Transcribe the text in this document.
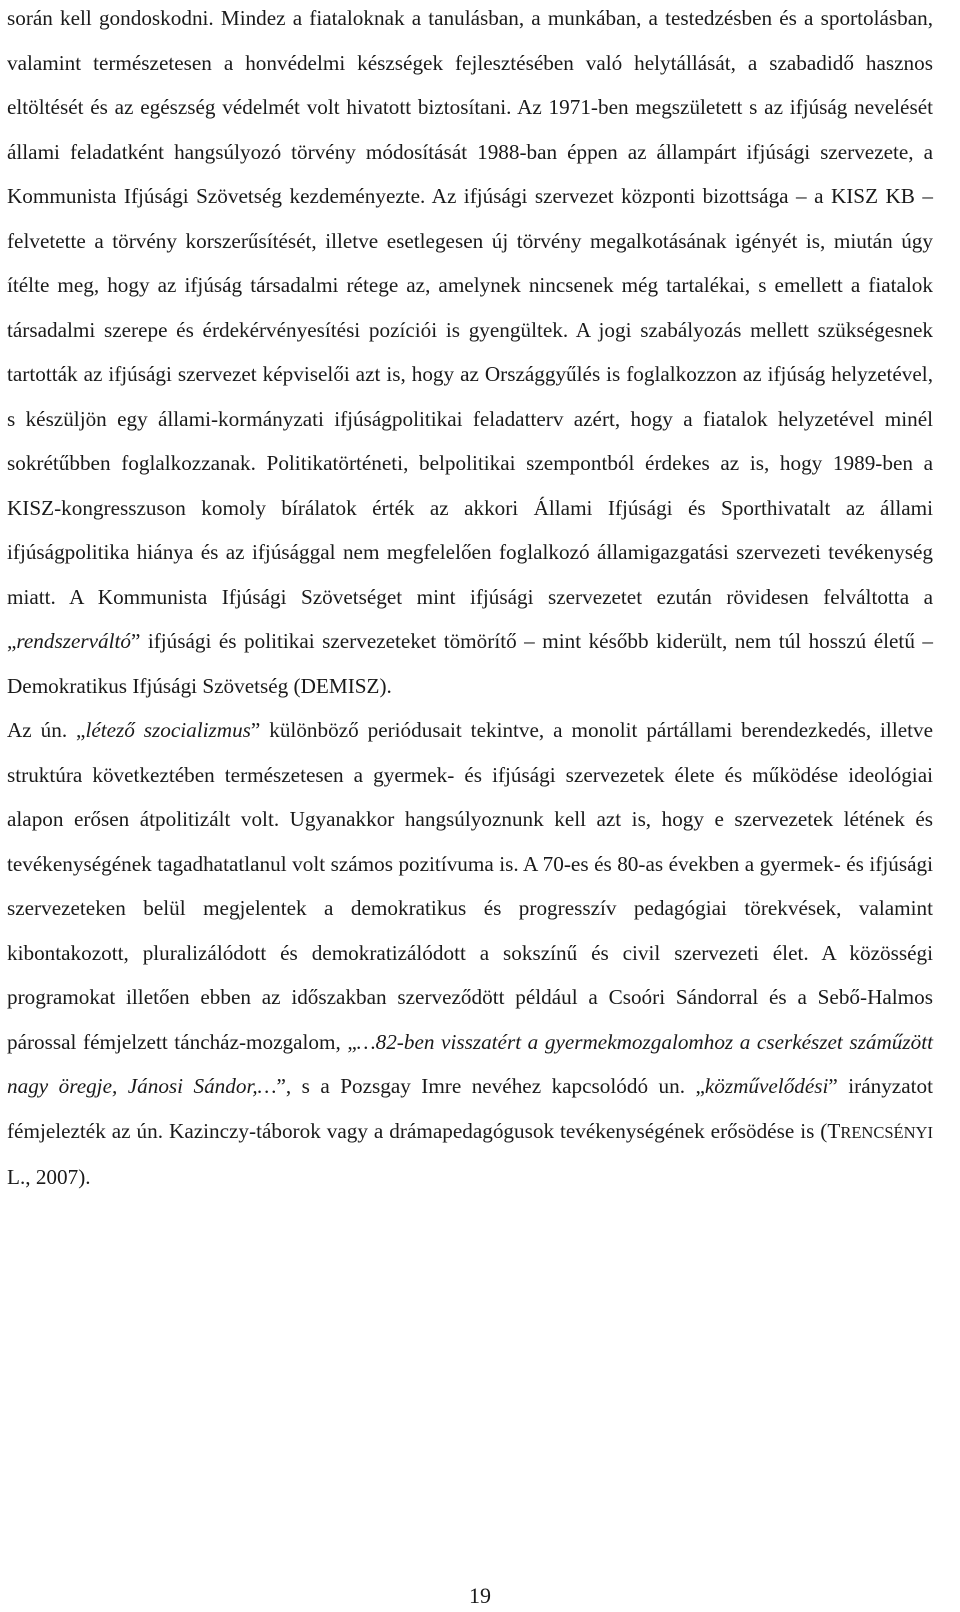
során kell gondoskodni. Mindez a fiataloknak a tanulásban, a munkában, a testedzésben és a sportolásban, valamint természetesen a honvédelmi készségek fejlesztésében való helytállását, a szabadidő hasznos eltöltését és az egészség védelmét volt hivatott biztosítani. Az 1971-ben megszületett s az ifjúság nevelését állami feladatként hangsúlyozó törvény módosítását 1988-ban éppen az állampárt ifjúsági szervezete, a Kommunista Ifjúsági Szövetség kezdeményezte. Az ifjúsági szervezet központi bizottsága – a KISZ KB – felvetette a törvény korszerűsítését, illetve esetlegesen új törvény megalkotásának igényét is, miután úgy ítélte meg, hogy az ifjúság társadalmi rétege az, amelynek nincsenek még tartalékai, s emellett a fiatalok társadalmi szerepe és érdekérvényesítési pozíciói is gyengültek. A jogi szabályozás mellett szükségesnek tartották az ifjúsági szervezet képviselői azt is, hogy az Országgyűlés is foglalkozzon az ifjúság helyzetével, s készüljön egy állami-kormányzati ifjúságpolitikai feladatterv azért, hogy a fiatalok helyzetével minél sokrétűbben foglalkozzanak. Politikatörténeti, belpolitikai szempontból érdekes az is, hogy 1989-ben a KISZ-kongresszuson komoly bírálatok érték az akkori Állami Ifjúsági és Sporthivatalt az állami ifjúságpolitika hiánya és az ifjúsággal nem megfelelően foglalkozó államigazgatási szervezeti tevékenység miatt. A Kommunista Ifjúsági Szövetséget mint ifjúsági szervezetet ezután rövidesen felváltotta a „rendszerváltó” ifjúsági és politikai szervezeteket tömörítő – mint később kiderült, nem túl hosszú életű – Demokratikus Ifjúsági Szövetség (DEMISZ).

Az ún. „létező szocializmus” különböző periódusait tekintve, a monolit pártállami berendezkedés, illetve struktúra következtében természetesen a gyermek- és ifjúsági szervezetek élete és működése ideológiai alapon erősen átpolitizált volt. Ugyanakkor hangsúlyoznunk kell azt is, hogy e szervezetek létének és tevékenységének tagadhatatlanul volt számos pozitívuma is. A 70-es és 80-as években a gyermek- és ifjúsági szervezeteken belül megjelentek a demokratikus és progresszív pedagógiai törekvések, valamint kibontakozott, pluralizálódott és demokratizálódott a sokszínű és civil szervezeti élet. A közösségi programokat illetően ebben az időszakban szerveződött például a Csoóri Sándorral és a Sebő-Halmos párossal fémjelzett táncház-mozgalom, „…82-ben visszatért a gyermekmozgalomhoz a cserkészet száműzött nagy öregje, Jánosi Sándor,…”, s a Pozsgay Imre nevéhez kapcsolódó un. „közművelődési” irányzatot fémjelezték az ún. Kazinczy-táborok vagy a drámapedagógusok tevékenységének erősödése is (TRENCSÉNYI L., 2007).

19
